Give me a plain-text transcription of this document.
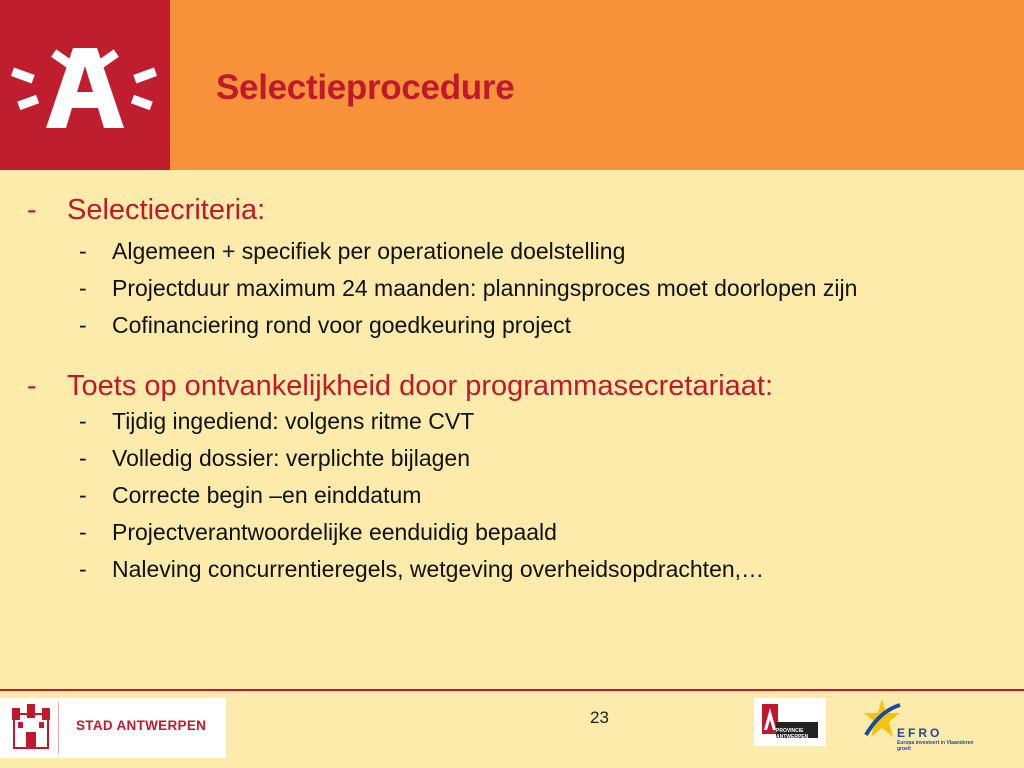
Selectieprocedure
- Selectiecriteria:
- Algemeen + specifiek per operationele doelstelling
- Projectduur maximum 24 maanden: planningsproces moet doorlopen zijn
- Cofinanciering rond voor goedkeuring project
- Toets op ontvankelijkheid door programmasecretariaat:
- Tijdig ingediend: volgens ritme CVT
- Volledig dossier: verplichte bijlagen
- Correcte begin –en einddatum
- Projectverantwoordelijke eenduidig bepaald
- Naleving concurrentieregels, wetgeving overheidsopdrachten,…
STAD ANTWERPEN	23
PROVINCIE ANTWERPEN	EFRO
Europa investeert in Vlaanderen groeit
